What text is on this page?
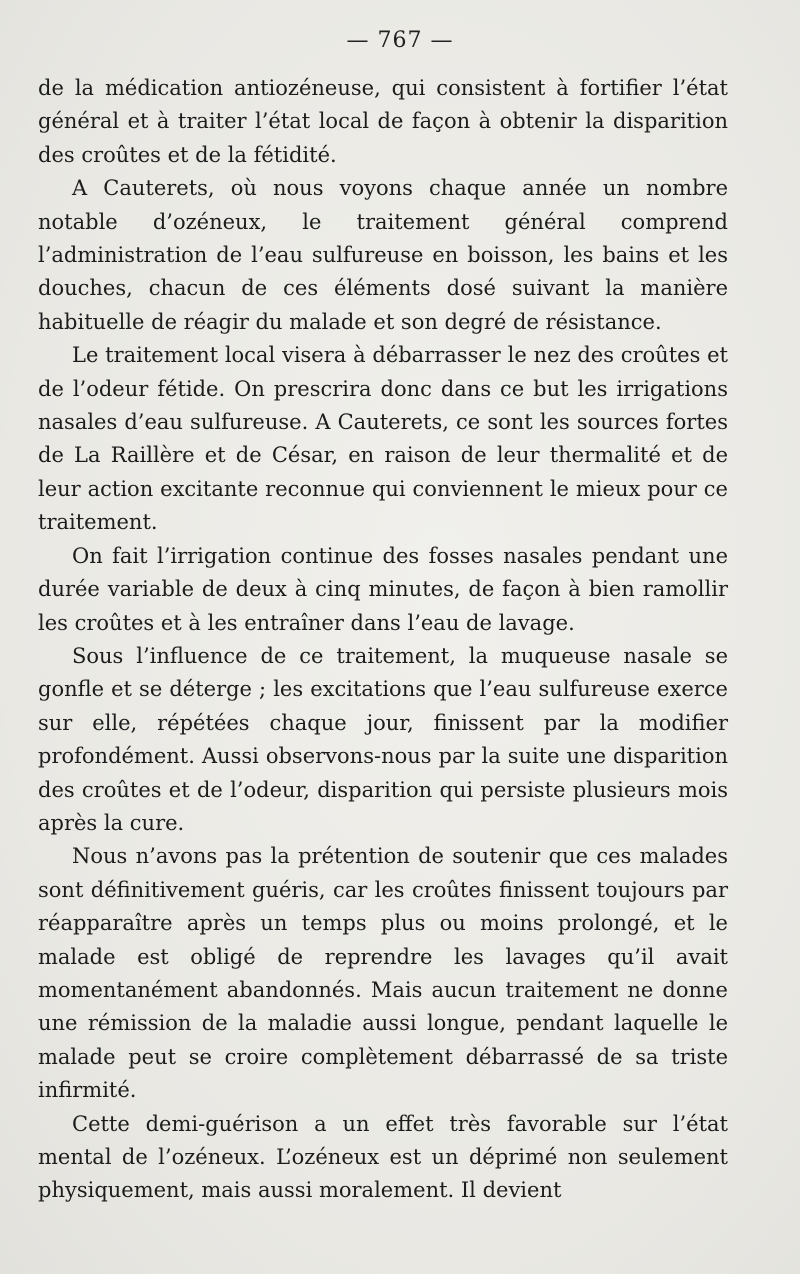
— 767 —

de la médication antiozéneuse, qui consistent à fortifier l’état général et à traiter l’état local de façon à obtenir la disparition des croûtes et de la fétidité.

A Cauterets, où nous voyons chaque année un nombre notable d’ozéneux, le traitement général comprend l’administration de l’eau sulfureuse en boisson, les bains et les douches, chacun de ces éléments dosé suivant la manière habituelle de réagir du malade et son degré de résistance.

Le traitement local visera à débarrasser le nez des croûtes et de l’odeur fétide. On prescrira donc dans ce but les irrigations nasales d’eau sulfureuse. A Cauterets, ce sont les sources fortes de La Raillère et de César, en raison de leur thermalité et de leur action excitante reconnue qui conviennent le mieux pour ce traitement.

On fait l’irrigation continue des fosses nasales pendant une durée variable de deux à cinq minutes, de façon à bien ramollir les croûtes et à les entraîner dans l’eau de lavage.

Sous l’influence de ce traitement, la muqueuse nasale se gonfle et se déterge ; les excitations que l’eau sulfureuse exerce sur elle, répétées chaque jour, finissent par la modifier profondément. Aussi observons-nous par la suite une disparition des croûtes et de l’odeur, disparition qui persiste plusieurs mois après la cure.

Nous n’avons pas la prétention de soutenir que ces malades sont définitivement guéris, car les croûtes finissent toujours par réapparaître après un temps plus ou moins prolongé, et le malade est obligé de reprendre les lavages qu’il avait momentanément abandonnés. Mais aucun traitement ne donne une rémission de la maladie aussi longue, pendant laquelle le malade peut se croire complètement débarrassé de sa triste infirmité.

Cette demi-guérison a un effet très favorable sur l’état mental de l’ozéneux. L’ozéneux est un déprimé non seulement physiquement, mais aussi moralement. Il devient
